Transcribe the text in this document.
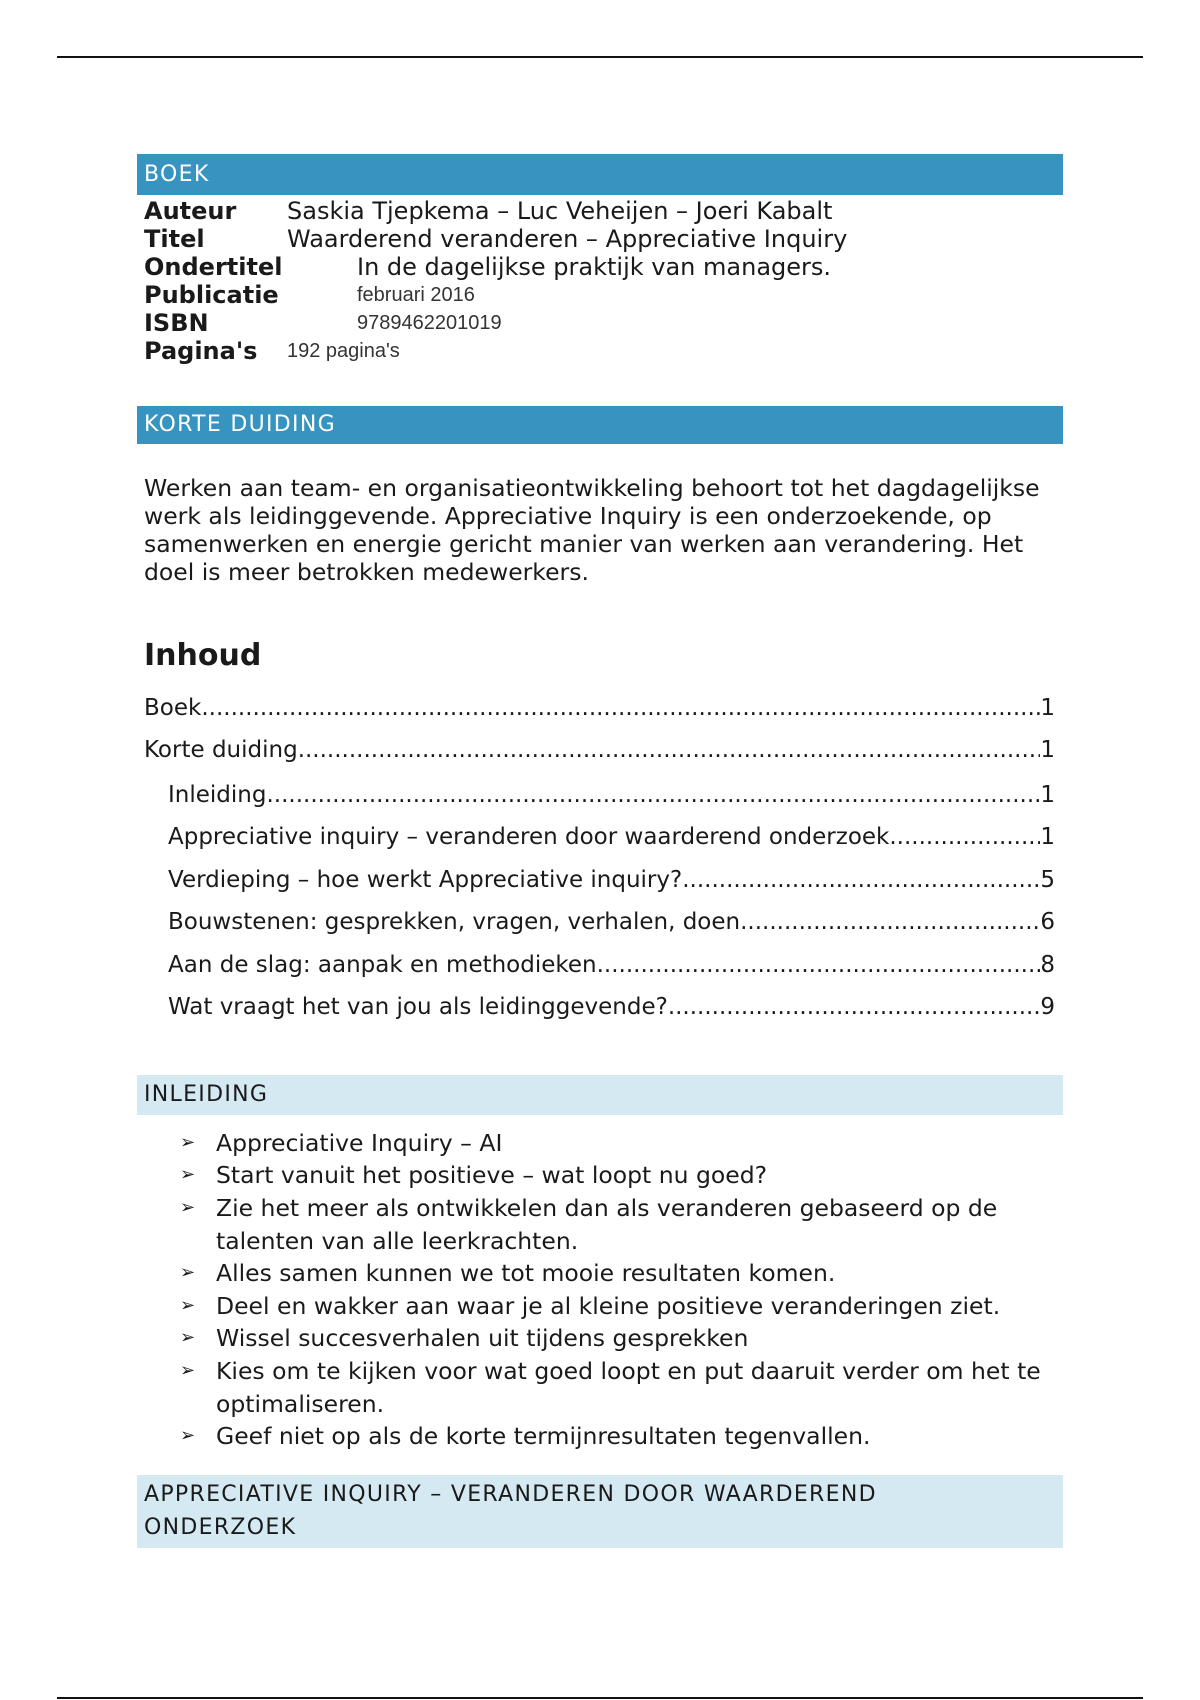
BOEK
Auteur Saskia Tjepkema – Luc Veheijen – Joeri Kabalt
Titel	Waarderend veranderen – Appreciative Inquiry
Ondertitel	In de dagelijkse praktijk van managers.
Publicatie	februari 2016
ISBN	9789462201019
Pagina's 192 pagina's
KORTE DUIDING

Werken aan team- en organisatieontwikkeling behoort tot het dagdagelijkse werk als leidinggevende. Appreciative Inquiry is een onderzoekende, op samenwerken en energie gericht manier van werken aan verandering. Het doel is meer betrokken medewerkers.

Inhoud
Boek .....	1
Korte duiding .....	1
Inleiding .....	1
Appreciative inquiry – veranderen door waarderend onderzoek .....	1
Verdieping – hoe werkt Appreciative inquiry? .....	5
Bouwstenen: gesprekken, vragen, verhalen, doen .....	6
Aan de slag: aanpak en methodieken .....	8
Wat vraagt het van jou als leidinggevende? .....	9
INLEIDING
➢ Appreciative Inquiry – AI
➢ Start vanuit het positieve – wat loopt nu goed?
➢ Zie het meer als ontwikkelen dan als veranderen gebaseerd op de talenten van alle leerkrachten.
➢ Alles samen kunnen we tot mooie resultaten komen.
➢ Deel en wakker aan waar je al kleine positieve veranderingen ziet.
➢ Wissel succesverhalen uit tijdens gesprekken
➢ Kies om te kijken voor wat goed loopt en put daaruit verder om het te optimaliseren.
➢ Geef niet op als de korte termijnresultaten tegenvallen.
APPRECIATIVE INQUIRY – VERANDEREN DOOR WAARDEREND
ONDERZOEK
